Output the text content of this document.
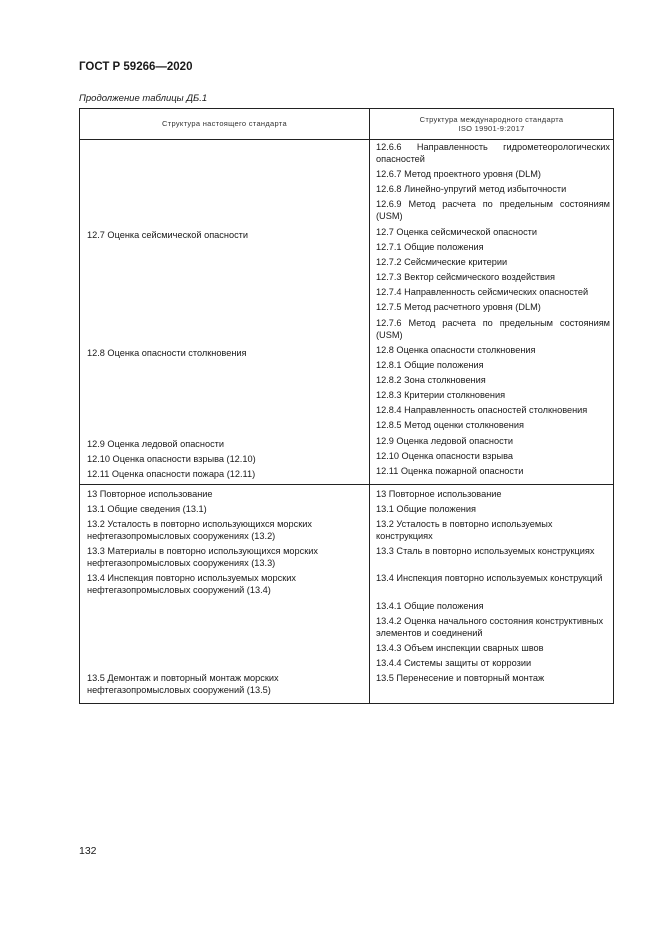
ГОСТ Р 59266—2020
Продолжение таблицы ДБ.1
Структура настоящего стандарта
Структура международного стандарта
ISO 19901-9:2017
12.7 Оценка сейсмической опасности
12.8 Оценка опасности столкновения
12.9 Оценка ледовой опасности
12.10 Оценка опасности взрыва (12.10)
12.11 Оценка опасности пожара (12.11)
12.6.6 Направленность гидрометеорологических опасностей
12.6.7 Метод проектного уровня (DLM)
12.6.8 Линейно-упругий метод избыточности
12.6.9 Метод расчета по предельным состояниям (USM)
12.7 Оценка сейсмической опасности
12.7.1 Общие положения
12.7.2 Сейсмические критерии
12.7.3 Вектор сейсмического воздействия
12.7.4 Направленность сейсмических опасностей
12.7.5 Метод расчетного уровня (DLM)
12.7.6 Метод расчета по предельным состояниям (USM)
12.8 Оценка опасности столкновения
12.8.1 Общие положения
12.8.2 Зона столкновения
12.8.3 Критерии столкновения
12.8.4 Направленность опасностей столкновения
12.8.5 Метод оценки столкновения
12.9 Оценка ледовой опасности
12.10 Оценка опасности взрыва
12.11 Оценка пожарной опасности
13 Повторное использование
13.1 Общие сведения (13.1)
13.2 Усталость в повторно использующихся морских нефтегазопромысловых сооружениях (13.2)
13.3 Материалы в повторно использующихся морских нефтегазопромысловых сооружениях (13.3)
13.4 Инспекция повторно используемых морских нефтегазопромысловых сооружений (13.4)
13.5 Демонтаж и повторный монтаж морских нефтегазопромысловых сооружений (13.5)
13 Повторное использование
13.1 Общие положения
13.2 Усталость в повторно используемых конструкциях
13.3 Сталь в повторно используемых конструкциях
13.4 Инспекция повторно используемых конструкций
13.4.1 Общие положения
13.4.2 Оценка начального состояния конструктивных элементов и соединений
13.4.3 Объем инспекции сварных швов
13.4.4 Системы защиты от коррозии
13.5 Перенесение и повторный монтаж
132
